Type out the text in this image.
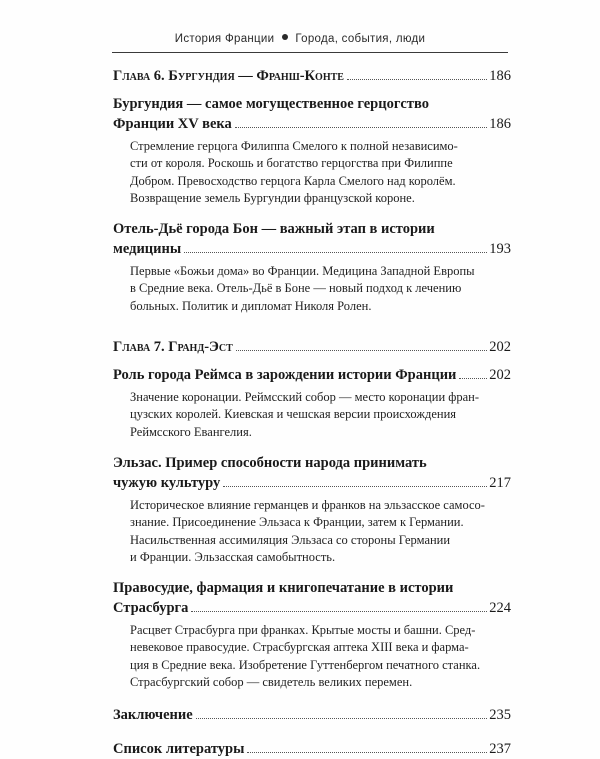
История Франции Города, события, люди
Глава 6. Бургундия — Франш-Конте	186
Бургундия — самое могущественное герцогство
Франции XV века	186
Стремление герцога Филиппа Смелого к полной независимо-
сти от короля. Роскошь и богатство герцогства при Филиппе
Добром. Превосходство герцога Карла Смелого над королём.
Возвращение земель Бургундии французской короне.
Отель-Дьё города Бон — важный этап в истории
медицины	193
Первые «Божьи дома» во Франции. Медицина Западной Европы
в Средние века. Отель-Дьё в Боне — новый подход к лечению
больных. Политик и дипломат Николя Ролен.
Глава 7. Гранд-Эст	202
Роль города Реймса в зарождении истории Франции 202
Значение коронации. Реймсский собор — место коронации фран-
цузских королей. Киевская и чешская версии происхождения
Реймсского Евангелия.
Эльзас. Пример способности народа принимать
чужую культуру	217
Историческое влияние германцев и франков на эльзасское самосо-
знание. Присоединение Эльзаса к Франции, затем к Германии.
Насильственная ассимиляция Эльзаса со стороны Германии
и Франции. Эльзасская самобытность.
Правосудие, фармация и книгопечатание в истории
Страсбурга	224
Расцвет Страсбурга при франках. Крытые мосты и башни. Сред-
невековое правосудие. Страсбургская аптека XIII века и фарма-
ция в Средние века. Изобретение Гуттенбергом печатного станка.
Страсбургский собор — свидетель великих перемен.
Заключение	235
Список литературы	237
